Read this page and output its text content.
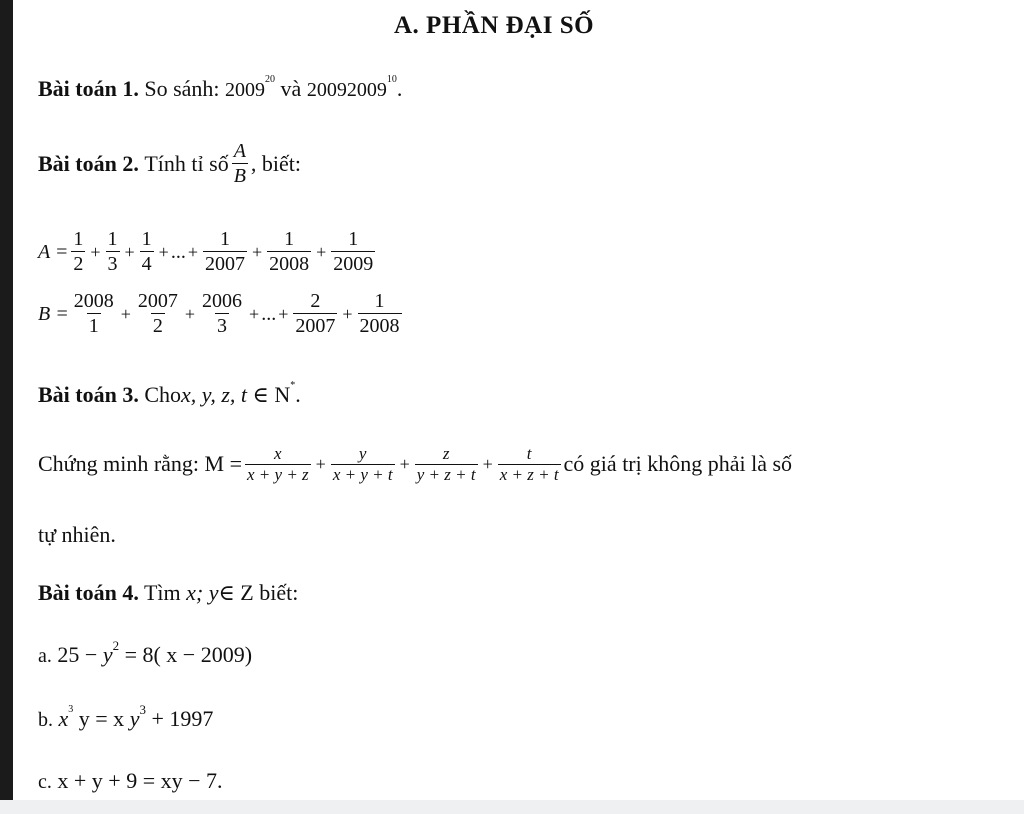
A. PHẦN ĐẠI SỐ
Bài toán 1. So sánh: 2009$^{20}$ và 20092009$^{10}$.
Bài toán 2.
Tính tỉ số $\frac{A}{B}$ , biết:
$A = \frac{1}{2} + \frac{1}{3} + \frac{1}{4}$ + ... + $\frac{1}{2007} + \frac{1}{2008} + \frac{1}{2009}$
$B = \frac{2008}{1} + \frac{2007}{2} + \frac{2006}{3}$ + ... + $\frac{2}{2007} + \frac{1}{2008}$
Bài toán 3. Chox, y, z, t ∈ N*.
Chứng minh rằng: $M = \frac{x}{x + y + z} + \frac{y}{x + y + t} + \frac{z}{y + z + t} + \frac{t}{x + z + t}$ có giá trị không phải là số
tự nhiên.
Bài toán 4. Tìm x; y∈ Z biết:
a. $25 - y^2 = 8$( x − 2009)
b. $x^3$ y = x $y^3 + 1997$
c. x + y + 9 = xy − 7.
